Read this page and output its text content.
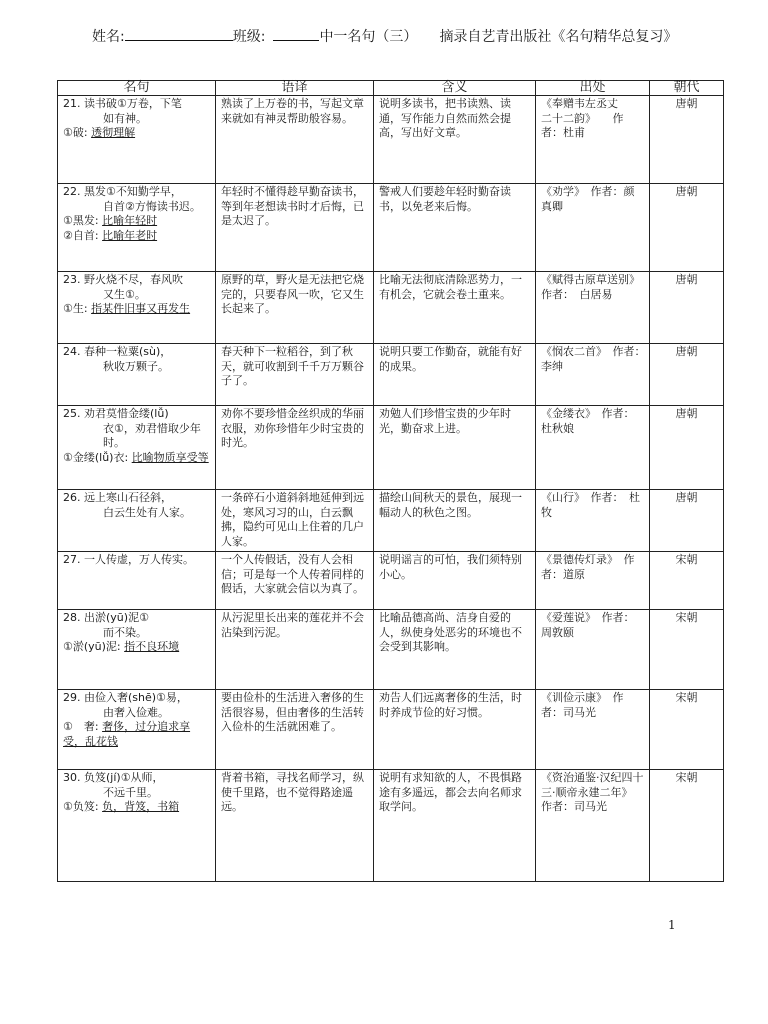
姓名:	班级:	中一名句（三） 摘录自艺青出版社《名句精华总复习》
名句	语译	含义	出处	朝代

21. 读书破①万卷，下笔
如有神。
①破: 透彻理解	熟读了上万卷的书，写起文章来就如有神灵帮助般容易。	说明多读书，把书读熟、读通，写作能力自然而然会提高，写出好文章。	《奉赠韦左丞丈　　　二十二韵》　　作者：杜甫	唐朝

22. 黑发①不知勤学早，
自首②方悔读书迟。
①黑发: 比喻年轻时
②自首: 比喻年老时	年轻时不懂得趁早勤奋读书，等到年老想读书时才后悔，已是太迟了。	警戒人们要趁年轻时勤奋读书，以免老来后悔。	《劝学》　作者：颜真卿	唐朝

23. 野火烧不尽，春风吹
又生①。
①生: 指某件旧事又再发生	原野的草，野火是无法把它烧完的，只要春风一吹，它又生长起来了。	比喻无法彻底清除恶势力，一有机会，它就会卷土重来。	《赋得古原草送别》　作者：　白居易	唐朝

24. 春种一粒粟(sù)，
秋收万颗子。	春天种下一粒稻谷，到了秋天，就可收割到千千万万颗谷子了。	说明只要工作勤奋，就能有好的成果。	《悯农二首》　作者：　李绅	唐朝

25. 劝君莫惜金缕(lǚ)
衣①，劝君惜取少年时。
①金缕(lǚ)衣: 比喻物质享受等	劝你不要珍惜金丝织成的华丽衣服，劝你珍惜年少时宝贵的时光。	劝勉人们珍惜宝贵的少年时光，勤奋求上进。	《金缕衣》　作者：杜秋娘	唐朝

26. 远上寒山石径斜，
白云生处有人家。	一条碎石小道斜斜地延伸到远处，寒风习习的山，白云飘拂，隐约可见山上住着的几户人家。	描绘山间秋天的景色，展现一幅动人的秋色之图。	《山行》　作者：　杜牧	唐朝

27. 一人传虚，万人传实。	一个人传假话，没有人会相信；可是每一个人传着同样的假话，大家就会信以为真了。	说明谣言的可怕，我们须特别小心。	《景德传灯录》　作者：道原	宋朝

28. 出淤(yū)泥①
而不染。
①淤(yū)泥: 指不良环境	从污泥里长出来的莲花并不会沾染到污泥。	比喻品德高尚、洁身自爱的人，纵使身处恶劣的环境也不会受到其影响。	《爱莲说》　作者：周敦颐	宋朝

29. 由俭入奢(shē)①易，
由奢入俭难。
①　奢: 奢侈，过分追求享受，乱花钱	要由俭朴的生活进入奢侈的生活很容易，但由奢侈的生活转入俭朴的生活就困难了。	劝告人们远离奢侈的生活，时时养成节俭的好习惯。	《训俭示康》　作者：司马光	宋朝

30. 负笈(jí)①从师，
不远千里。
①负笈: 负，背笈，书箱	背着书箱，寻找名师学习，纵使千里路，也不觉得路途遥远。	说明有求知欲的人，不畏惧路途有多遥远，都会去向名师求取学问。	《资治通鉴·汉纪四十三·顺帝永建二年》　作者：司马光	宋朝
1
